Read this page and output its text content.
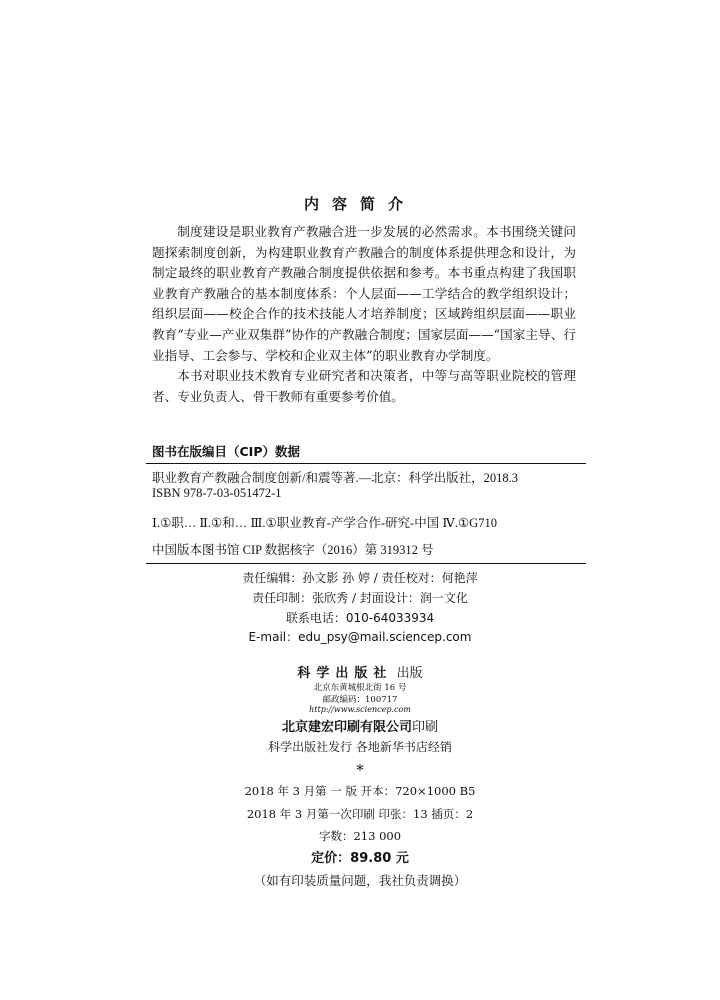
内容简介

制度建设是职业教育产教融合进一步发展的必然需求。本书围绕关键问题探索制度创新，为构建职业教育产教融合的制度体系提供理念和设计，为制定最终的职业教育产教融合制度提供依据和参考。本书重点构建了我国职业教育产教融合的基本制度体系：个人层面——工学结合的教学组织设计；组织层面——校企合作的技术技能人才培养制度；区域跨组织层面——职业教育“专业—产业双集群”协作的产教融合制度；国家层面——“国家主导、行业指导、工会参与、学校和企业双主体”的职业教育办学制度。

本书对职业技术教育专业研究者和决策者，中等与高等职业院校的管理者、专业负责人、骨干教师有重要参考价值。

图书在版编目（CIP）数据
职业教育产教融合制度创新/和震等著.—北京：科学出版社，2018.3
ISBN 978-7-03-051472-1
Ⅰ.①职… Ⅱ.①和… Ⅲ.①职业教育-产学合作-研究-中国 Ⅳ.①G710
中国版本图书馆 CIP 数据核字（2016）第 319312 号
责任编辑：孙文影 孙 婷 / 责任校对：何艳萍
责任印制：张欣秀 / 封面设计：润一文化
联系电话：010-64033934
E-mail：edu_psy@mail.sciencep.com
科学出版社 出版
北京东黄城根北街 16 号
邮政编码：100717
http://www.sciencep.com
北京建宏印刷有限公司印刷
科学出版社发行 各地新华书店经销
*
2018 年 3 月第 一 版 开本：720×1000 B5
2018 年 3 月第一次印刷 印张：13 插页：2
字数：213 000
定价：89.80 元
（如有印装质量问题，我社负责调换）
